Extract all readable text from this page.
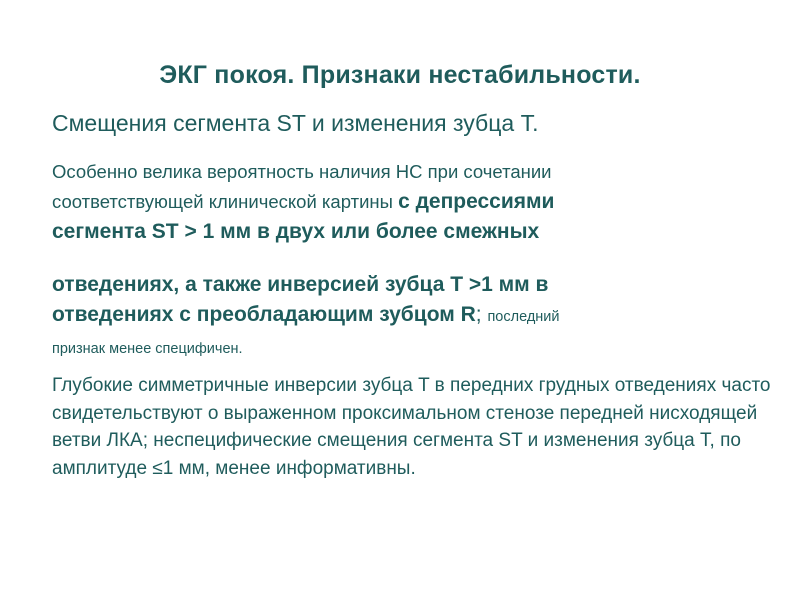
ЭКГ покоя. Признаки нестабильности.
Смещения сегмента ST и изменения зубца T.
Особенно велика вероятность наличия НС при сочетании
соответствующей клинической картины с депрессиями
сегмента ST > 1 мм в двух или более смежных
отведениях, а также инверсией зубца T >1 мм в
отведениях с преобладающим зубцом R; последний
признак менее специфичен.
Глубокие симметричные инверсии зубца T в передних грудных отведениях часто свидетельствуют о выраженном проксимальном стенозе передней нисходящей ветви ЛКА; неспецифические смещения сегмента ST и изменения зубца T, по амплитуде ≤1 мм, менее информативны.
